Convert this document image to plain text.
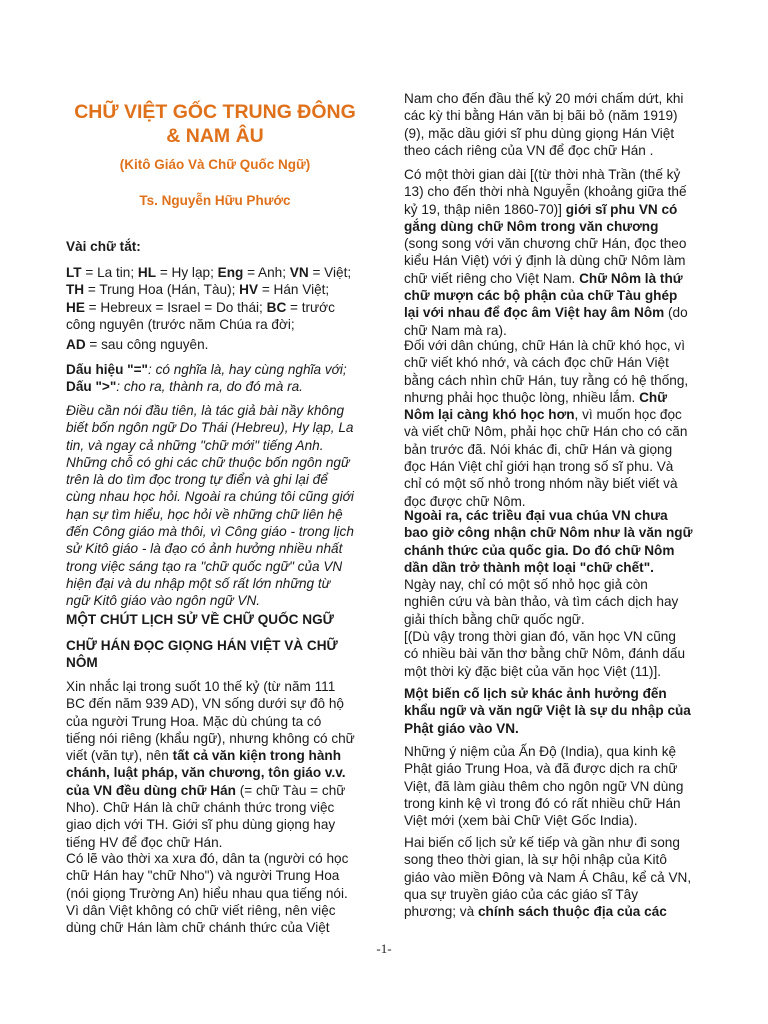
CHỮ VIỆT GỐC TRUNG ĐÔNG
& NAM ÂU
(Kitô Giáo Và Chữ Quốc Ngữ)
Ts. Nguyễn Hữu Phước

Vài chữ tắt:

LT = La tin; HL = Hy lạp; Eng = Anh; VN = Việt;

TH = Trung Hoa (Hán, Tàu); HV = Hán Việt;

HE = Hebreux = Israel = Do thái; BC = trước

công nguyên (trước năm Chúa ra đời;

AD = sau công nguyên.

Dấu hiệu "=": có nghĩa là, hay cùng nghĩa với;

Dấu ">": cho ra, thành ra, do đó mà ra.

Điều cần nói đầu tiên, là tác giả bài nầy không

biết bốn ngôn ngữ Do Thái (Hebreu), Hy lạp, La

tin, và ngay cả những "chữ mới" tiếng Anh.

Những chỗ có ghi các chữ thuộc bốn ngôn ngữ

trên là do tìm đọc trong tự điển và ghi lại để

cùng nhau học hỏi. Ngoài ra chúng tôi cũng giới

hạn sự tìm hiểu, học hỏi về những chữ liên hệ

đến Công giáo mà thôi, vì Công giáo - trong lịch

sử Kitô giáo - là đạo có ảnh hưởng nhiều nhất

trong việc sáng tạo ra "chữ quốc ngữ" của VN

hiện đại và du nhập một số rất lớn những từ

ngữ Kitô giáo vào ngôn ngữ VN.

MỘT CHÚT LỊCH SỬ VỀ CHỮ QUỐC NGỮ

CHỮ HÁN ĐỌC GIỌNG HÁN VIỆT VÀ CHỮ

NÔM

Xin nhắc lại trong suốt 10 thế kỷ (từ năm 111

BC đến năm 939 AD), VN sống dưới sự đô hộ

của người Trung Hoa. Mặc dù chúng ta có

tiếng nói riêng (khẩu ngữ), nhưng không có chữ

viết (văn tự), nên tất cả văn kiện trong hành

chánh, luật pháp, văn chương, tôn giáo v.v.

của VN đều dùng chữ Hán (= chữ Tàu = chữ

Nho). Chữ Hán là chữ chánh thức trong việc

giao dịch với TH. Giới sĩ phu dùng giọng hay

tiếng HV để đọc chữ Hán.

Có lẽ vào thời xa xưa đó, dân ta (người có học

chữ Hán hay "chữ Nho") và người Trung Hoa

(nói giọng Trường An) hiểu nhau qua tiếng nói.

Vì dân Việt không có chữ viết riêng, nên việc

dùng chữ Hán làm chữ chánh thức của Việt

Nam cho đến đầu thế kỷ 20 mới chấm dứt, khi

các kỳ thi bằng Hán văn bị bãi bỏ (năm 1919)

(9), mặc dầu giới sĩ phu dùng giọng Hán Việt

theo cách riêng của VN để đọc chữ Hán .

Có một thời gian dài [(từ thời nhà Trần (thế kỷ

13) cho đến thời nhà Nguyễn (khoảng giữa thế

kỷ 19, thập niên 1860-70)] giới sĩ phu VN có

gắng dùng chữ Nôm trong văn chương

(song song với văn chương chữ Hán, đọc theo

kiểu Hán Việt) với ý định là dùng chữ Nôm làm

chữ viết riêng cho Việt Nam. Chữ Nôm là thứ

chữ mượn các bộ phận của chữ Tàu ghép

lại với nhau để đọc âm Việt hay âm Nôm (do

chữ Nam mà ra).

Đối với dân chúng, chữ Hán là chữ khó học, vì

chữ viết khó nhớ, và cách đọc chữ Hán Việt

bằng cách nhìn chữ Hán, tuy rằng có hệ thống,

nhưng phải học thuộc lòng, nhiều lắm. Chữ

Nôm lại càng khó học hơn, vì muốn học đọc

và viết chữ Nôm, phải học chữ Hán cho có căn

bản trước đã. Nói khác đi, chữ Hán và giọng

đọc Hán Việt chỉ giới hạn trong số sĩ phu. Và

chỉ có một số nhỏ trong nhóm nầy biết viết và

đọc được chữ Nôm.

Ngoài ra, các triều đại vua chúa VN chưa

bao giờ công nhận chữ Nôm như là văn ngữ

chánh thức của quốc gia. Do đó chữ Nôm

dần dần trở thành một loại "chữ chết".

Ngày nay, chỉ có một số nhỏ học giả còn

nghiên cứu và bàn thảo, và tìm cách dịch hay

giải thích bằng chữ quốc ngữ.

[(Dù vậy trong thời gian đó, văn học VN cũng

có nhiều bài văn thơ bằng chữ Nôm, đánh dấu

một thời kỳ đặc biệt của văn học Việt (11)].

Một biến cố lịch sử khác ảnh hưởng đến

khẩu ngữ và văn ngữ Việt là sự du nhập của

Phật giáo vào VN.

Những ý niệm của Ấn Độ (India), qua kinh kệ

Phật giáo Trung Hoa, và đã được dịch ra chữ

Việt, đã làm giàu thêm cho ngôn ngữ VN dùng

trong kinh kệ vì trong đó có rất nhiều chữ Hán

Việt mới (xem bài Chữ Việt Gốc India).

Hai biến cố lịch sử kế tiếp và gần như đi song

song theo thời gian, là sự hội nhập của Kitô

giáo vào miền Đông và Nam Á Châu, kể cả VN,

qua sự truyền giáo của các giáo sĩ Tây

phương; và chính sách thuộc địa của các

-1-
